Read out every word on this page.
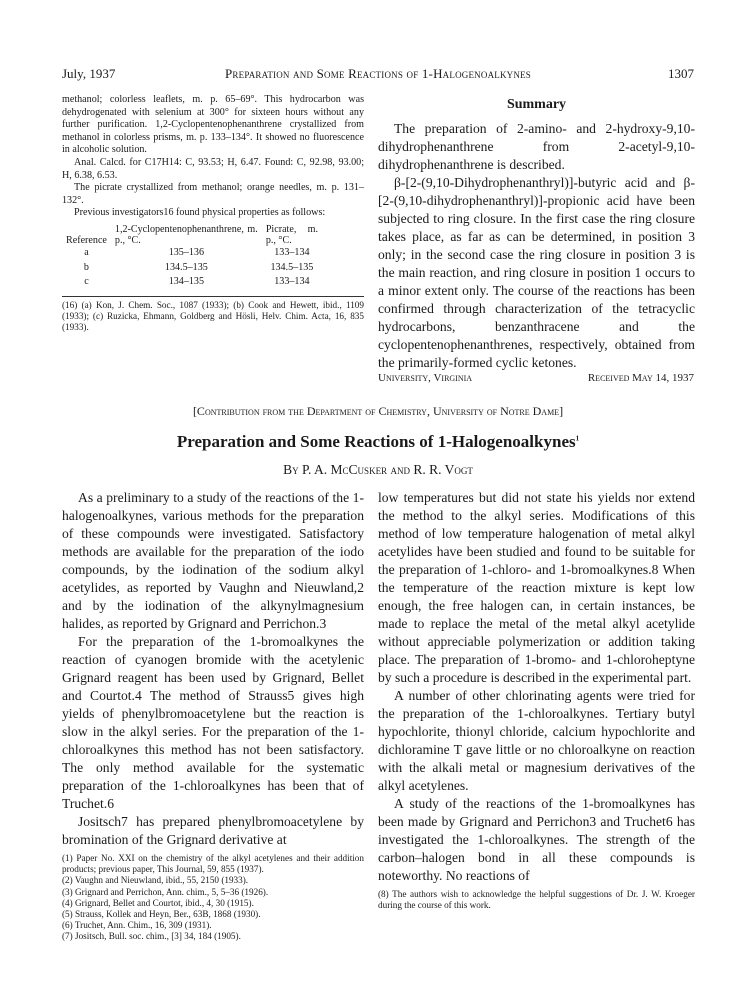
July, 1937	Preparation and Some Reactions of 1-Halogenoalkynes	1307

methanol; colorless leaflets, m. p. 65–69°. This hydrocarbon was dehydrogenated with selenium at 300° for sixteen hours without any further purification. 1,2-Cyclopentenophenanthrene crystallized from methanol in colorless prisms, m. p. 133–134°. It showed no fluorescence in alcoholic solution.

Anal. Calcd. for C17H14: C, 93.53; H, 6.47. Found: C, 92.98, 93.00; H, 6.38, 6.53.

The picrate crystallized from methanol; orange needles, m. p. 131–132°.

Previous investigators16 found physical properties as follows:

Reference	1,2-Cyclopentenophenanthrene, m. p., °C.	Picrate, m. p., °C.
a	135–136	133–134
b	134.5–135	134.5–135
c	134–135	133–134
(16) (a) Kon, J. Chem. Soc., 1087 (1933); (b) Cook and Hewett, ibid., 1109 (1933); (c) Ruzicka, Ehmann, Goldberg and Hösli, Helv. Chim. Acta, 16, 835 (1933).
Summary

The preparation of 2-amino- and 2-hydroxy-9,10-dihydrophenanthrene from 2-acetyl-9,10-dihydrophenanthrene is described.

β-[2-(9,10-Dihydrophenanthryl)]-butyric acid and β-[2-(9,10-dihydrophenanthryl)]-propionic acid have been subjected to ring closure. In the first case the ring closure takes place, as far as can be determined, in position 3 only; in the second case the ring closure in position 3 is the main reaction, and ring closure in position 1 occurs to a minor extent only. The course of the reactions has been confirmed through characterization of the tetracyclic hydrocarbons, benzanthracene and the cyclopentenophenanthrenes, respectively, obtained from the primarily-formed cyclic ketones.

University, Virginia	Received May 14, 1937
[Contribution from the Department of Chemistry, University of Notre Dame]
Preparation and Some Reactions of 1-Halogenoalkynes$^1$
By P. A. McCusker and R. R. Vogt

As a preliminary to a study of the reactions of the 1-halogenoalkynes, various methods for the preparation of these compounds were investigated. Satisfactory methods are available for the preparation of the iodo compounds, by the iodination of the sodium alkyl acetylides, as reported by Vaughn and Nieuwland,2 and by the iodination of the alkynylmagnesium halides, as reported by Grignard and Perrichon.3

For the preparation of the 1-bromoalkynes the reaction of cyanogen bromide with the acetylenic Grignard reagent has been used by Grignard, Bellet and Courtot.4 The method of Strauss5 gives high yields of phenylbromoacetylene but the reaction is slow in the alkyl series. For the preparation of the 1-chloroalkynes this method has not been satisfactory. The only method available for the systematic preparation of the 1-chloroalkynes has been that of Truchet.6

Jositsch7 has prepared phenylbromoacetylene by bromination of the Grignard derivative at

(1) Paper No. XXI on the chemistry of the alkyl acetylenes and their addition products; previous paper, This Journal, 59, 855 (1937).
(2) Vaughn and Nieuwland, ibid., 55, 2150 (1933).
(3) Grignard and Perrichon, Ann. chim., 5, 5–36 (1926).
(4) Grignard, Bellet and Courtot, ibid., 4, 30 (1915).
(5) Strauss, Kollek and Heyn, Ber., 63B, 1868 (1930).
(6) Truchet, Ann. Chim., 16, 309 (1931).
(7) Jositsch, Bull. soc. chim., [3] 34, 184 (1905).

low temperatures but did not state his yields nor extend the method to the alkyl series. Modifications of this method of low temperature halogenation of metal alkyl acetylides have been studied and found to be suitable for the preparation of 1-chloro- and 1-bromoalkynes.8 When the temperature of the reaction mixture is kept low enough, the free halogen can, in certain instances, be made to replace the metal of the metal alkyl acetylide without appreciable polymerization or addition taking place. The preparation of 1-bromo- and 1-chloroheptyne by such a procedure is described in the experimental part.

A number of other chlorinating agents were tried for the preparation of the 1-chloroalkynes. Tertiary butyl hypochlorite, thionyl chloride, calcium hypochlorite and dichloramine T gave little or no chloroalkyne on reaction with the alkali metal or magnesium derivatives of the alkyl acetylenes.

A study of the reactions of the 1-bromoalkynes has been made by Grignard and Perrichon3 and Truchet6 has investigated the 1-chloroalkynes. The strength of the carbon–halogen bond in all these compounds is noteworthy. No reactions of

(8) The authors wish to acknowledge the helpful suggestions of Dr. J. W. Kroeger during the course of this work.
